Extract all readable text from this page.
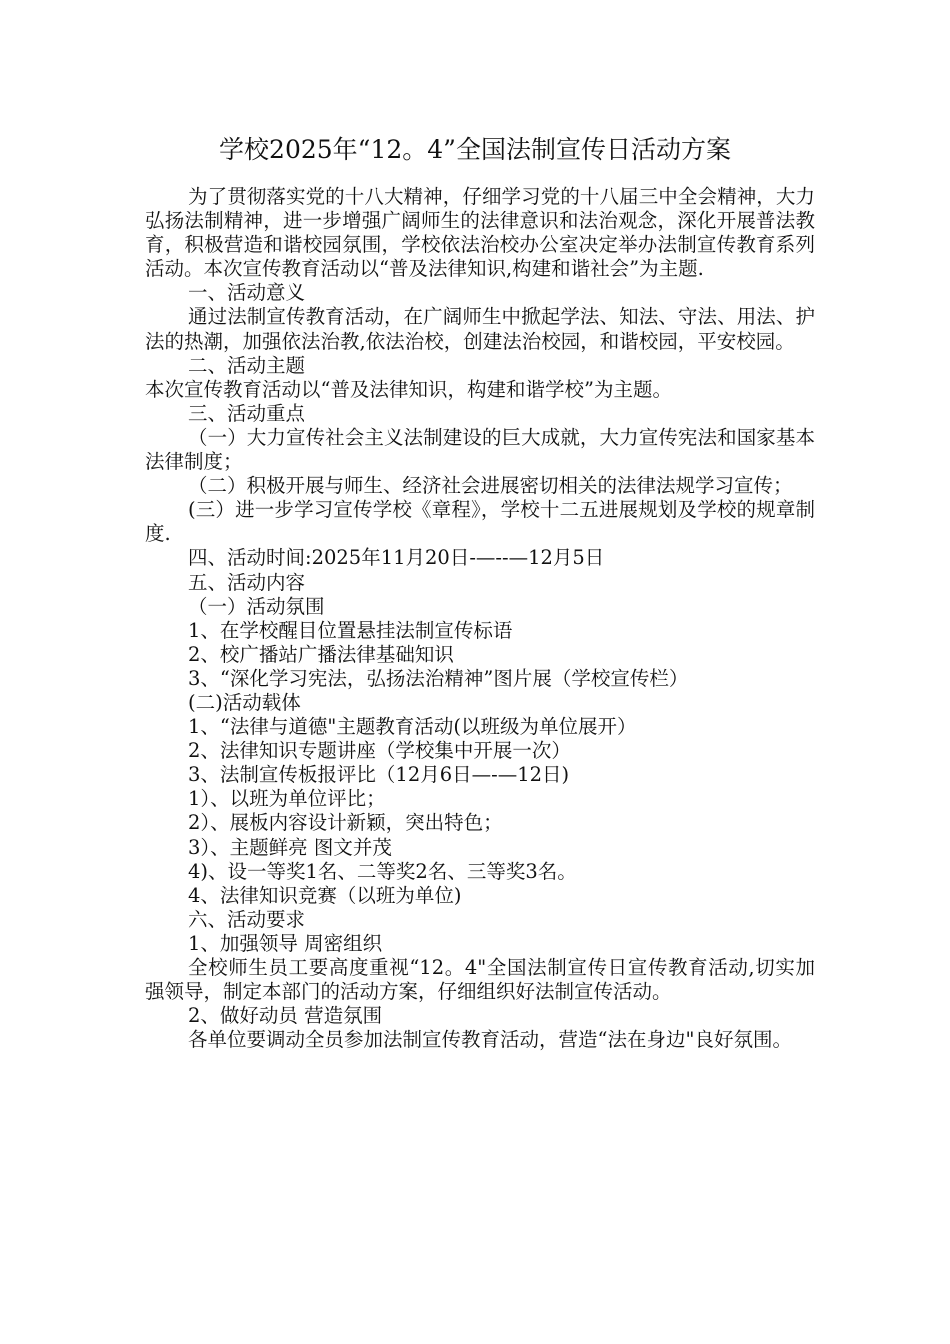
学校2025年“12。4”全国法制宣传日活动方案

为了贯彻落实党的十八大精神，仔细学习党的十八届三中全会精神，大力弘扬法制精神，进一步增强广阔师生的法律意识和法治观念，深化开展普法教育，积极营造和谐校园氛围，学校依法治校办公室决定举办法制宣传教育系列活动。本次宣传教育活动以“普及法律知识,构建和谐社会”为主题.

一、活动意义

通过法制宣传教育活动，在广阔师生中掀起学法、知法、守法、用法、护法的热潮，加强依法治教,依法治校，创建法治校园，和谐校园，平安校园。

二、活动主题

本次宣传教育活动以“普及法律知识，构建和谐学校”为主题。

三、活动重点

（一）大力宣传社会主义法制建设的巨大成就，大力宣传宪法和国家基本法律制度；

（二）积极开展与师生、经济社会进展密切相关的法律法规学习宣传；

(三）进一步学习宣传学校《章程》，学校十二五进展规划及学校的规章制度.

四、活动时间:2025年11月20日-—--—12月5日

五、活动内容

（一）活动氛围

1、在学校醒目位置悬挂法制宣传标语

2、校广播站广播法律基础知识

3、“深化学习宪法，弘扬法治精神”图片展（学校宣传栏）

(二)活动载体

1、“法律与道德"主题教育活动(以班级为单位展开）

2、法律知识专题讲座（学校集中开展一次）

3、法制宣传板报评比（12月6日—-—12日)

1）、以班为单位评比；

2）、展板内容设计新颖，突出特色；

3）、主题鲜亮 图文并茂

4)、设一等奖1名、二等奖2名、三等奖3名。

4、法律知识竞赛（以班为单位)

六、活动要求

1、加强领导 周密组织

全校师生员工要高度重视“12。4"全国法制宣传日宣传教育活动,切实加强领导，制定本部门的活动方案，仔细组织好法制宣传活动。

2、做好动员 营造氛围

各单位要调动全员参加法制宣传教育活动，营造“法在身边"良好氛围。
